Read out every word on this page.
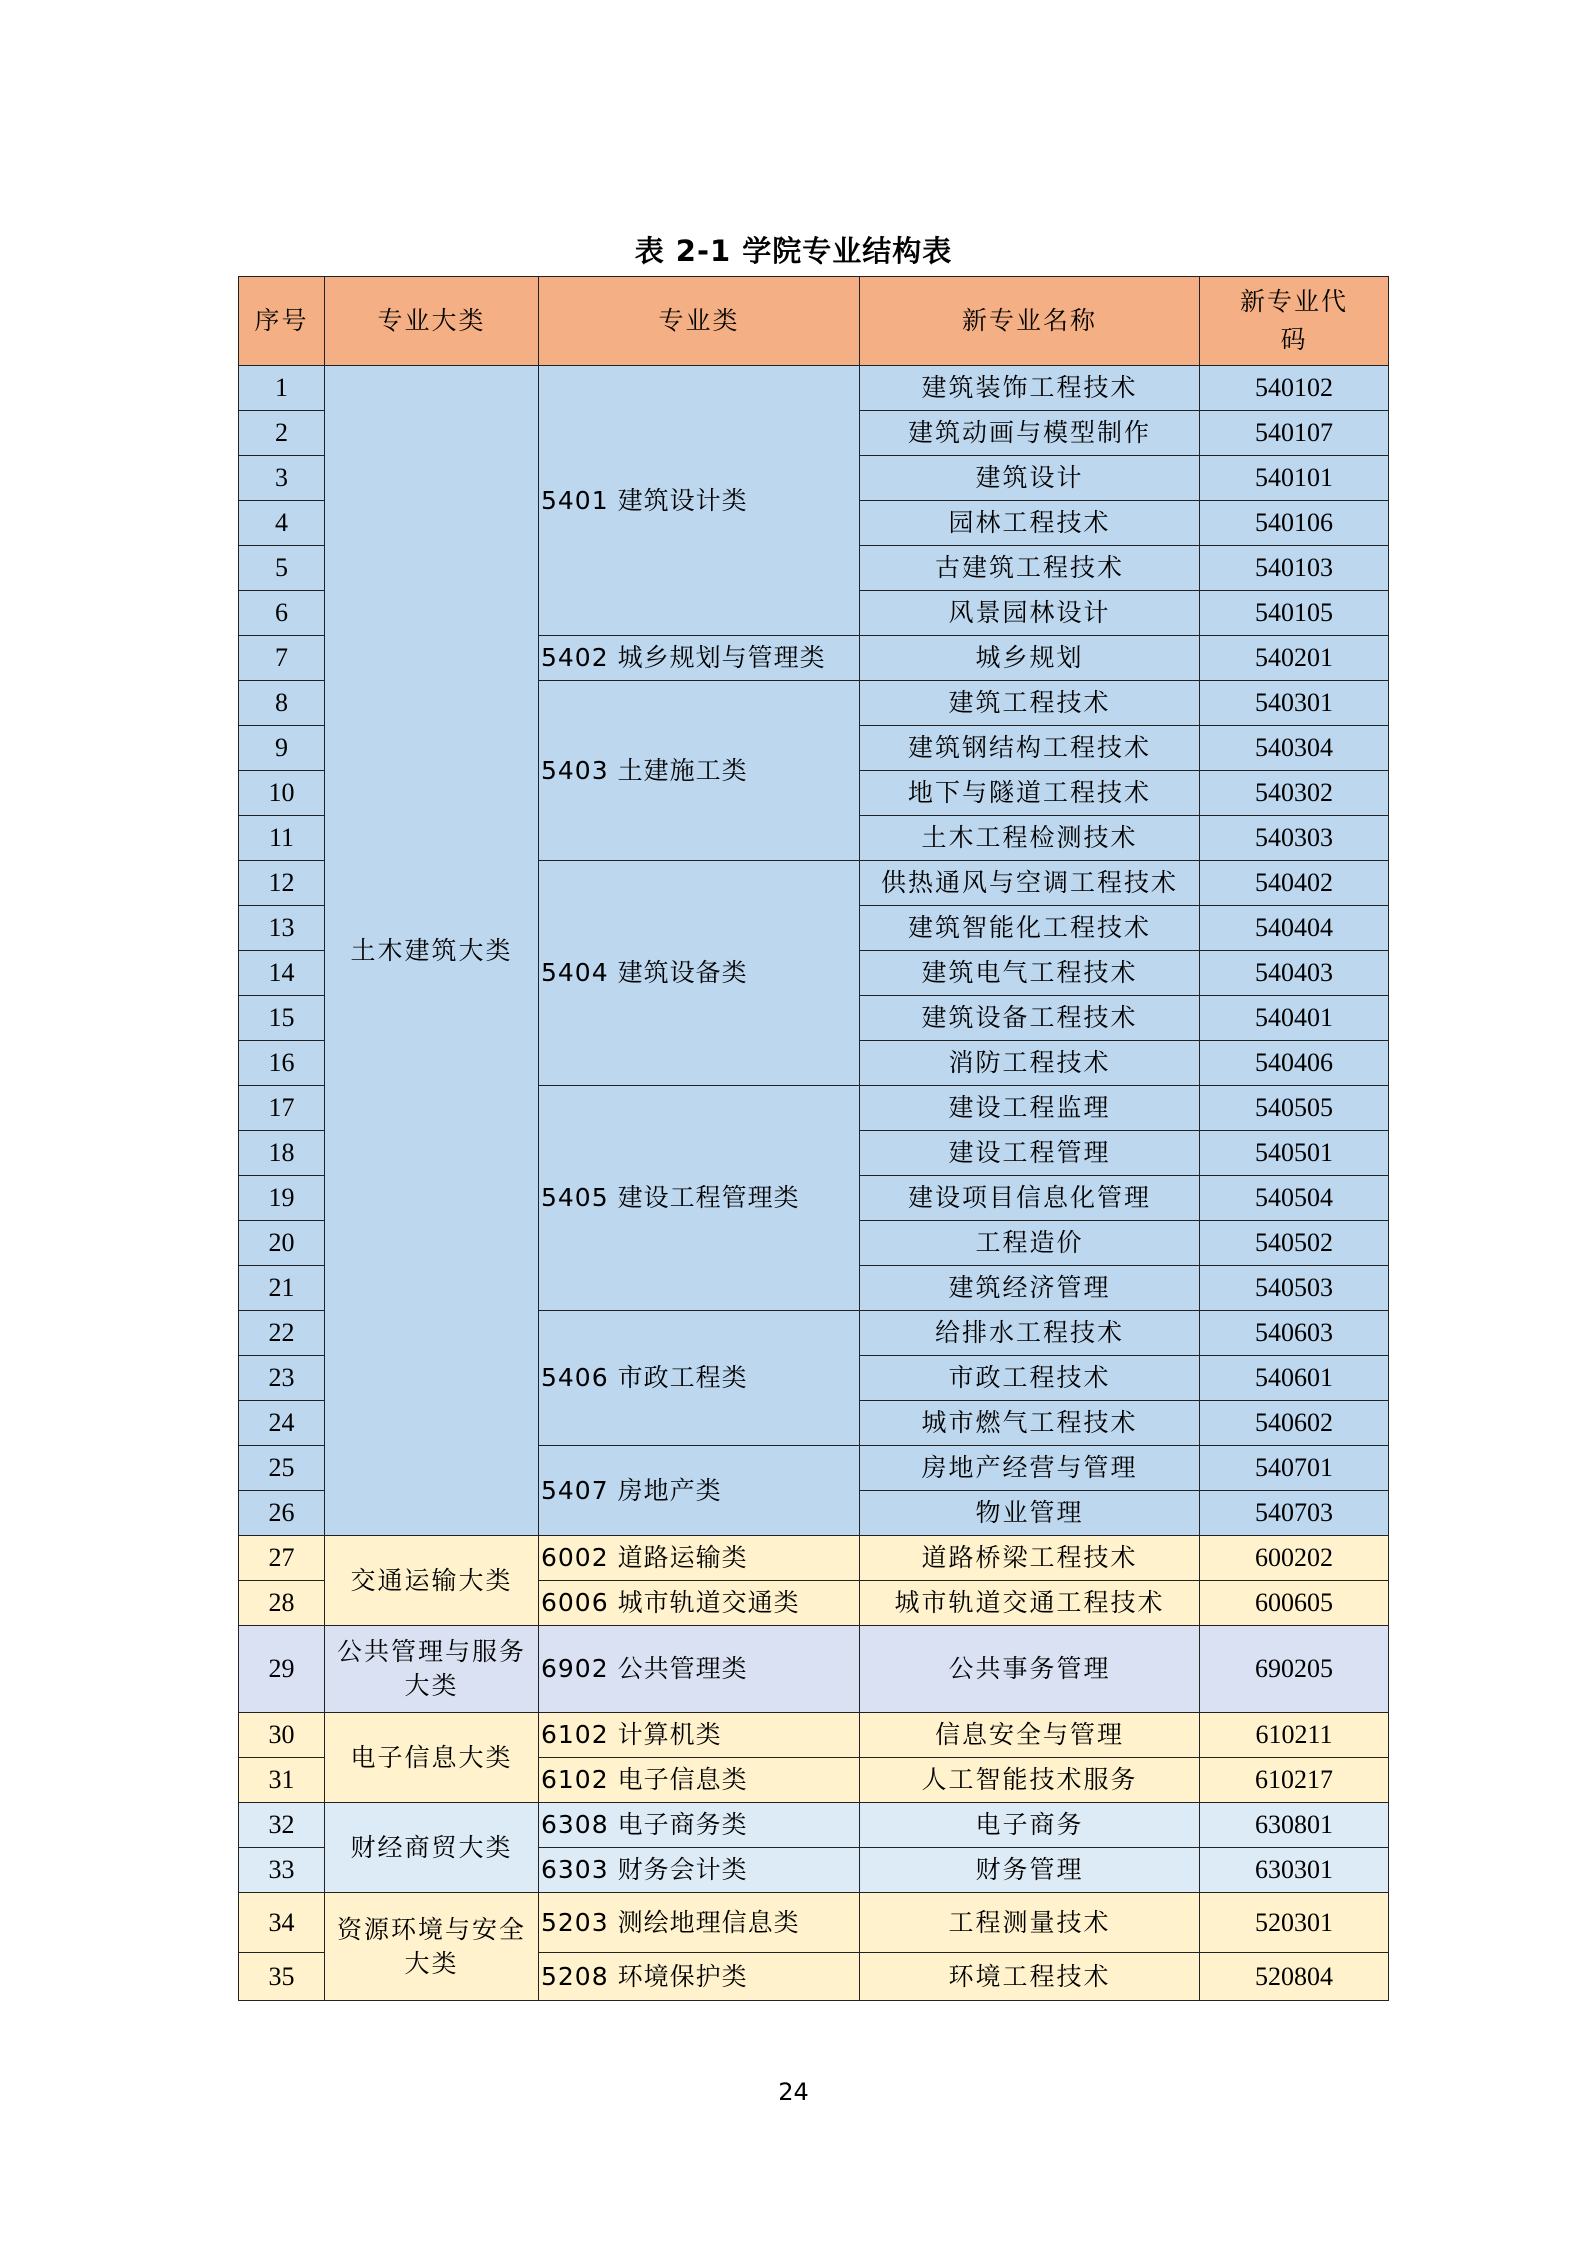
表 2-1 学院专业结构表
序号	专业大类	专业类	新专业名称	新专业代码
1	土木建筑大类	5401 建筑设计类	建筑装饰工程技术	540102
2			建筑动画与模型制作	540107
3			建筑设计	540101
4			园林工程技术	540106
5			古建筑工程技术	540103
6			风景园林设计	540105
7		5402 城乡规划与管理类	城乡规划	540201
8		5403 土建施工类	建筑工程技术	540301
9			建筑钢结构工程技术	540304
10			地下与隧道工程技术	540302
11			土木工程检测技术	540303
12		5404 建筑设备类	供热通风与空调工程技术	540402
13			建筑智能化工程技术	540404
14			建筑电气工程技术	540403
15			建筑设备工程技术	540401
16			消防工程技术	540406
17		5405 建设工程管理类	建设工程监理	540505
18			建设工程管理	540501
19			建设项目信息化管理	540504
20			工程造价	540502
21			建筑经济管理	540503
22		5406 市政工程类	给排水工程技术	540603
23			市政工程技术	540601
24			城市燃气工程技术	540602
25		5407 房地产类	房地产经营与管理	540701
26			物业管理	540703
27	交通运输大类	6002 道路运输类	道路桥梁工程技术	600202
28		6006 城市轨道交通类	城市轨道交通工程技术	600605
29	公共管理与服务大类	6902 公共管理类	公共事务管理	690205
30	电子信息大类	6102 计算机类	信息安全与管理	610211
31		6102 电子信息类	人工智能技术服务	610217
32	财经商贸大类	6308 电子商务类	电子商务	630801
33		6303 财务会计类	财务管理	630301
34	资源环境与安全大类	5203 测绘地理信息类	工程测量技术	520301
35		5208 环境保护类	环境工程技术	520804
24
